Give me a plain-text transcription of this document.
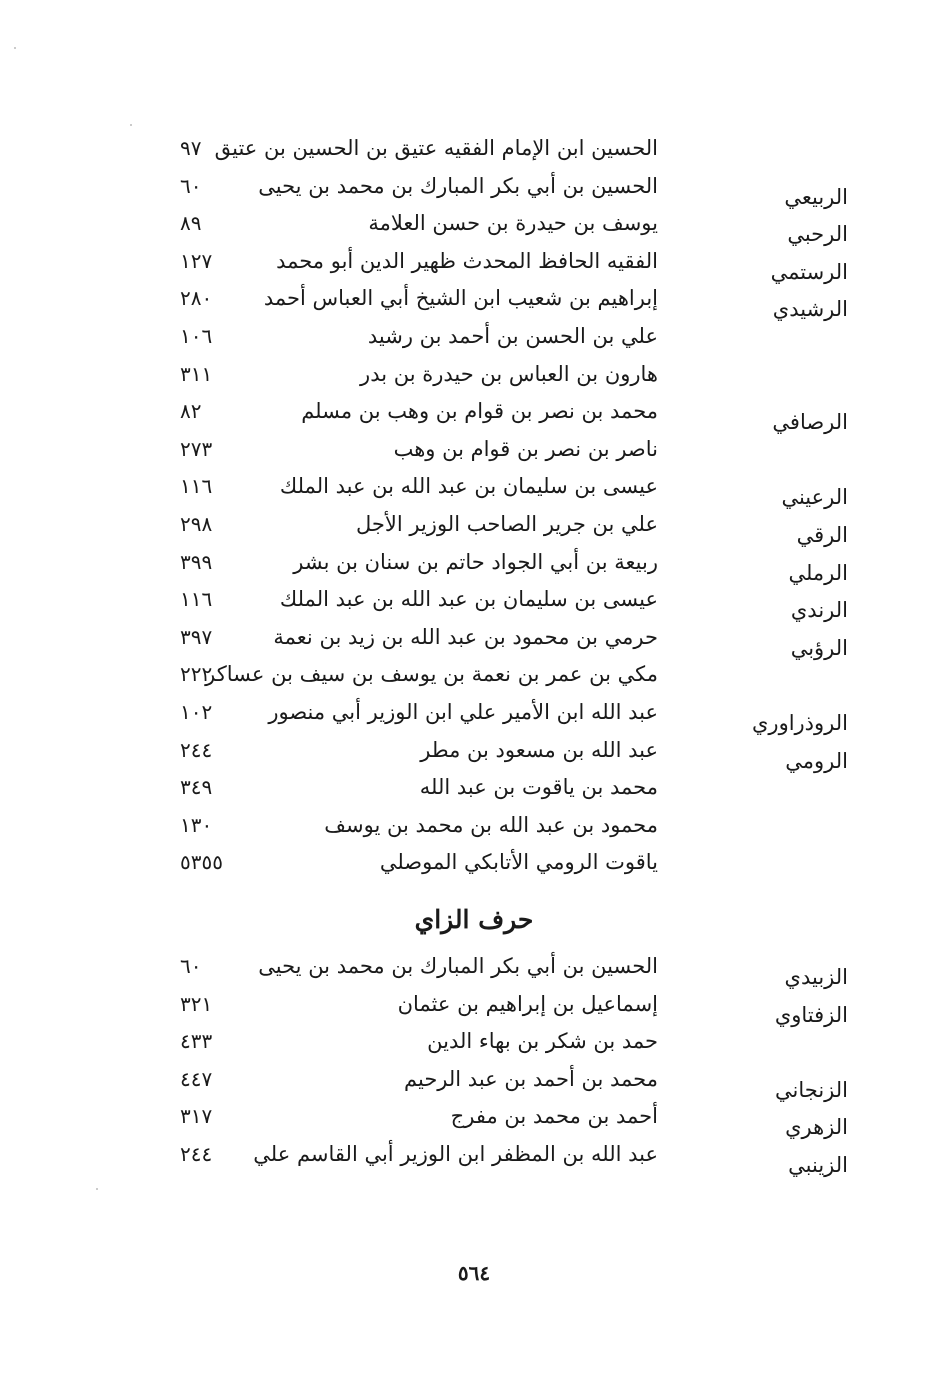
الحسين ابن الإمام الفقيه عتيق بن الحسين بن عتيق
٩٧
الربيعي
الحسين بن أبي بكر المبارك بن محمد بن يحيى
٦٠
الرحبي
يوسف بن حيدرة بن حسن العلامة
٨٩
الرستمي
الفقيه الحافظ المحدث ظهير الدين أبو محمد
١٢٧
الرشيدي
إبراهيم بن شعيب ابن الشيخ أبي العباس أحمد
٢٨٠
علي بن الحسن بن أحمد بن رشيد
١٠٦
هارون بن العباس بن حيدرة بن بدر
٣١١
الرصافي
محمد بن نصر بن قوام بن وهب بن مسلم
٨٢
ناصر بن نصر بن قوام بن وهب
٢٧٣
الرعيني
عيسى بن سليمان بن عبد الله بن عبد الملك
١١٦
الرقي
علي بن جرير الصاحب الوزير الأجل
٢٩٨
الرملي
ربيعة بن أبي الجواد حاتم بن سنان بن بشر
٣٩٩
الرندي
عيسى بن سليمان بن عبد الله بن عبد الملك
١١٦
الرؤبي
حرمي بن محمود بن عبد الله بن زيد بن نعمة
٣٩٧
مكي بن عمر بن نعمة بن يوسف بن سيف بن عساكر
٢٢٢
الروذراوري
عبد الله ابن الأمير علي ابن الوزير أبي منصور
١٠٢
الرومي
عبد الله بن مسعود بن مطر
٢٤٤
محمد بن ياقوت بن عبد الله
٣٤٩
محمود بن عبد الله بن محمد بن يوسف
١٣٠
ياقوت الرومي الأتابكي الموصلي
٥٣٥٥
حرف الزاي
الزبيدي
الحسين بن أبي بكر المبارك بن محمد بن يحيى
٦٠
الزفتاوي
إسماعيل بن إبراهيم بن عثمان
٣٢١
حمد بن شكر بن بهاء الدين
٤٣٣
الزنجاني
محمد بن أحمد بن عبد الرحيم
٤٤٧
الزهري
أحمد بن محمد بن مفرج
٣١٧
الزينبي
عبد الله بن المظفر ابن الوزير أبي القاسم علي
٢٤٤
٥٦٤
